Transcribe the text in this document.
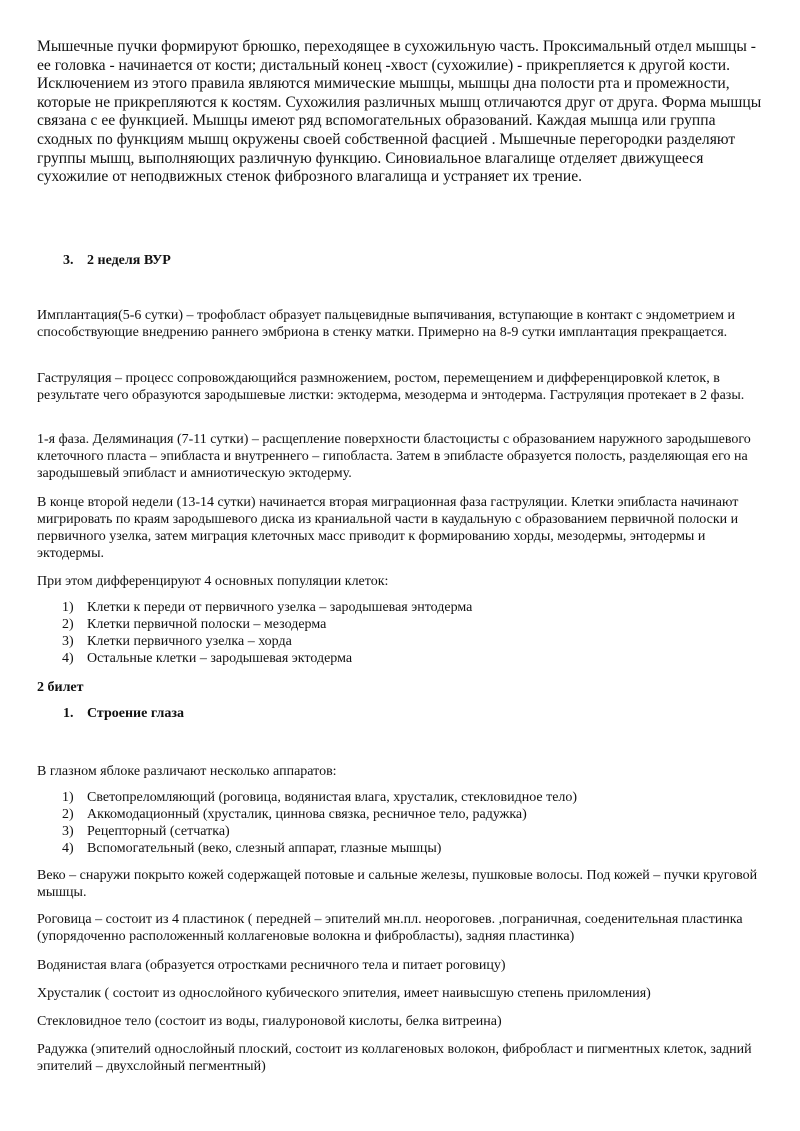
Мышечные пучки формируют брюшко, переходящее в сухожильную часть. Проксимальный отдел мышцы - ее головка - начинается от кости; дистальный конец -хвост (сухожилие) - прикрепляется к другой кости. Исключением из этого правила являются мимические мышцы, мышцы дна полости рта и промежности, которые не прикрепляются к костям. Сухожилия различных мышц отличаются друг от друга. Форма мышцы связана с ее функцией. Мышцы имеют ряд вспомогательных образований. Каждая мышца или группа сходных по функциям мышц окружены своей собственной фасцией . Мышечные перегородки разделяют группы мышц, выполняющих различную функцию. Синовиальное влагалище отделяет движущееся сухожилие от неподвижных стенок фиброзного влагалища и устраняет их трение.

3. 2 неделя ВУР

Имплантация(5-6 сутки) – трофобласт образует пальцевидные выпячивания, вступающие в контакт с эндометрием и способствующие внедрению раннего эмбриона в стенку матки. Примерно на 8-9 сутки имплантация прекращается.

Гаструляция – процесс сопровождающийся размножением, ростом, перемещением и дифференцировкой клеток, в результате чего образуются зародышевые листки: эктодерма, мезодерма и энтодерма. Гаструляция протекает в 2 фазы.

1-я фаза. Деляминация (7-11 сутки) – расщепление поверхности бластоцисты с образованием наружного зародышевого клеточного пласта – эпибласта и внутреннего – гипобласта. Затем в эпибласте образуется полость, разделяющая его на зародышевый эпибласт и амниотическую эктодерму.

В конце второй недели (13-14 сутки) начинается вторая миграционная фаза гаструляции. Клетки эпибласта начинают мигрировать по краям зародышевого диска из краниальной части в каудальную с образованием первичной полоски и первичного узелка, затем миграция клеточных масс приводит к формированию хорды, мезодермы, энтодермы и эктодермы.

При этом дифференцируют 4 основных популяции клеток:

1) Клетки к переди от первичного узелка – зародышевая энтодерма
2) Клетки первичной полоски – мезодерма
3) Клетки первичного узелка – хорда
4) Остальные клетки – зародышевая эктодерма

2 билет

1. Строение глаза

В глазном яблоке различают несколько аппаратов:

1) Светопреломляющий (роговица, водянистая влага, хрусталик, стекловидное тело)
2) Аккомодационный (хрусталик, циннова связка, ресничное тело, радужка)
3) Рецепторный (сетчатка)
4) Вспомогательный (веко, слезный аппарат, глазные мышцы)

Веко – снаружи покрыто кожей содержащей потовые и сальные железы, пушковые волосы. Под кожей – пучки круговой мышцы.

Роговица – состоит из 4 пластинок ( передней – эпителий мн.пл. неороговев. ,пограничная, соеденительная пластинка (упорядоченно расположенный коллагеновые волокна и фибробласты), задняя пластинка)

Водянистая влага (образуется отростками ресничного тела и питает роговицу)

Хрусталик ( состоит из однослойного кубического эпителия, имеет наивысшую степень приломления)

Стекловидное тело (состоит из воды, гиалуроновой кислоты, белка витреина)

Радужка (эпителий однослойный плоский, состоит из коллагеновых волокон, фибробласт и пигментных клеток, задний эпителий – двухслойный пегментный)
